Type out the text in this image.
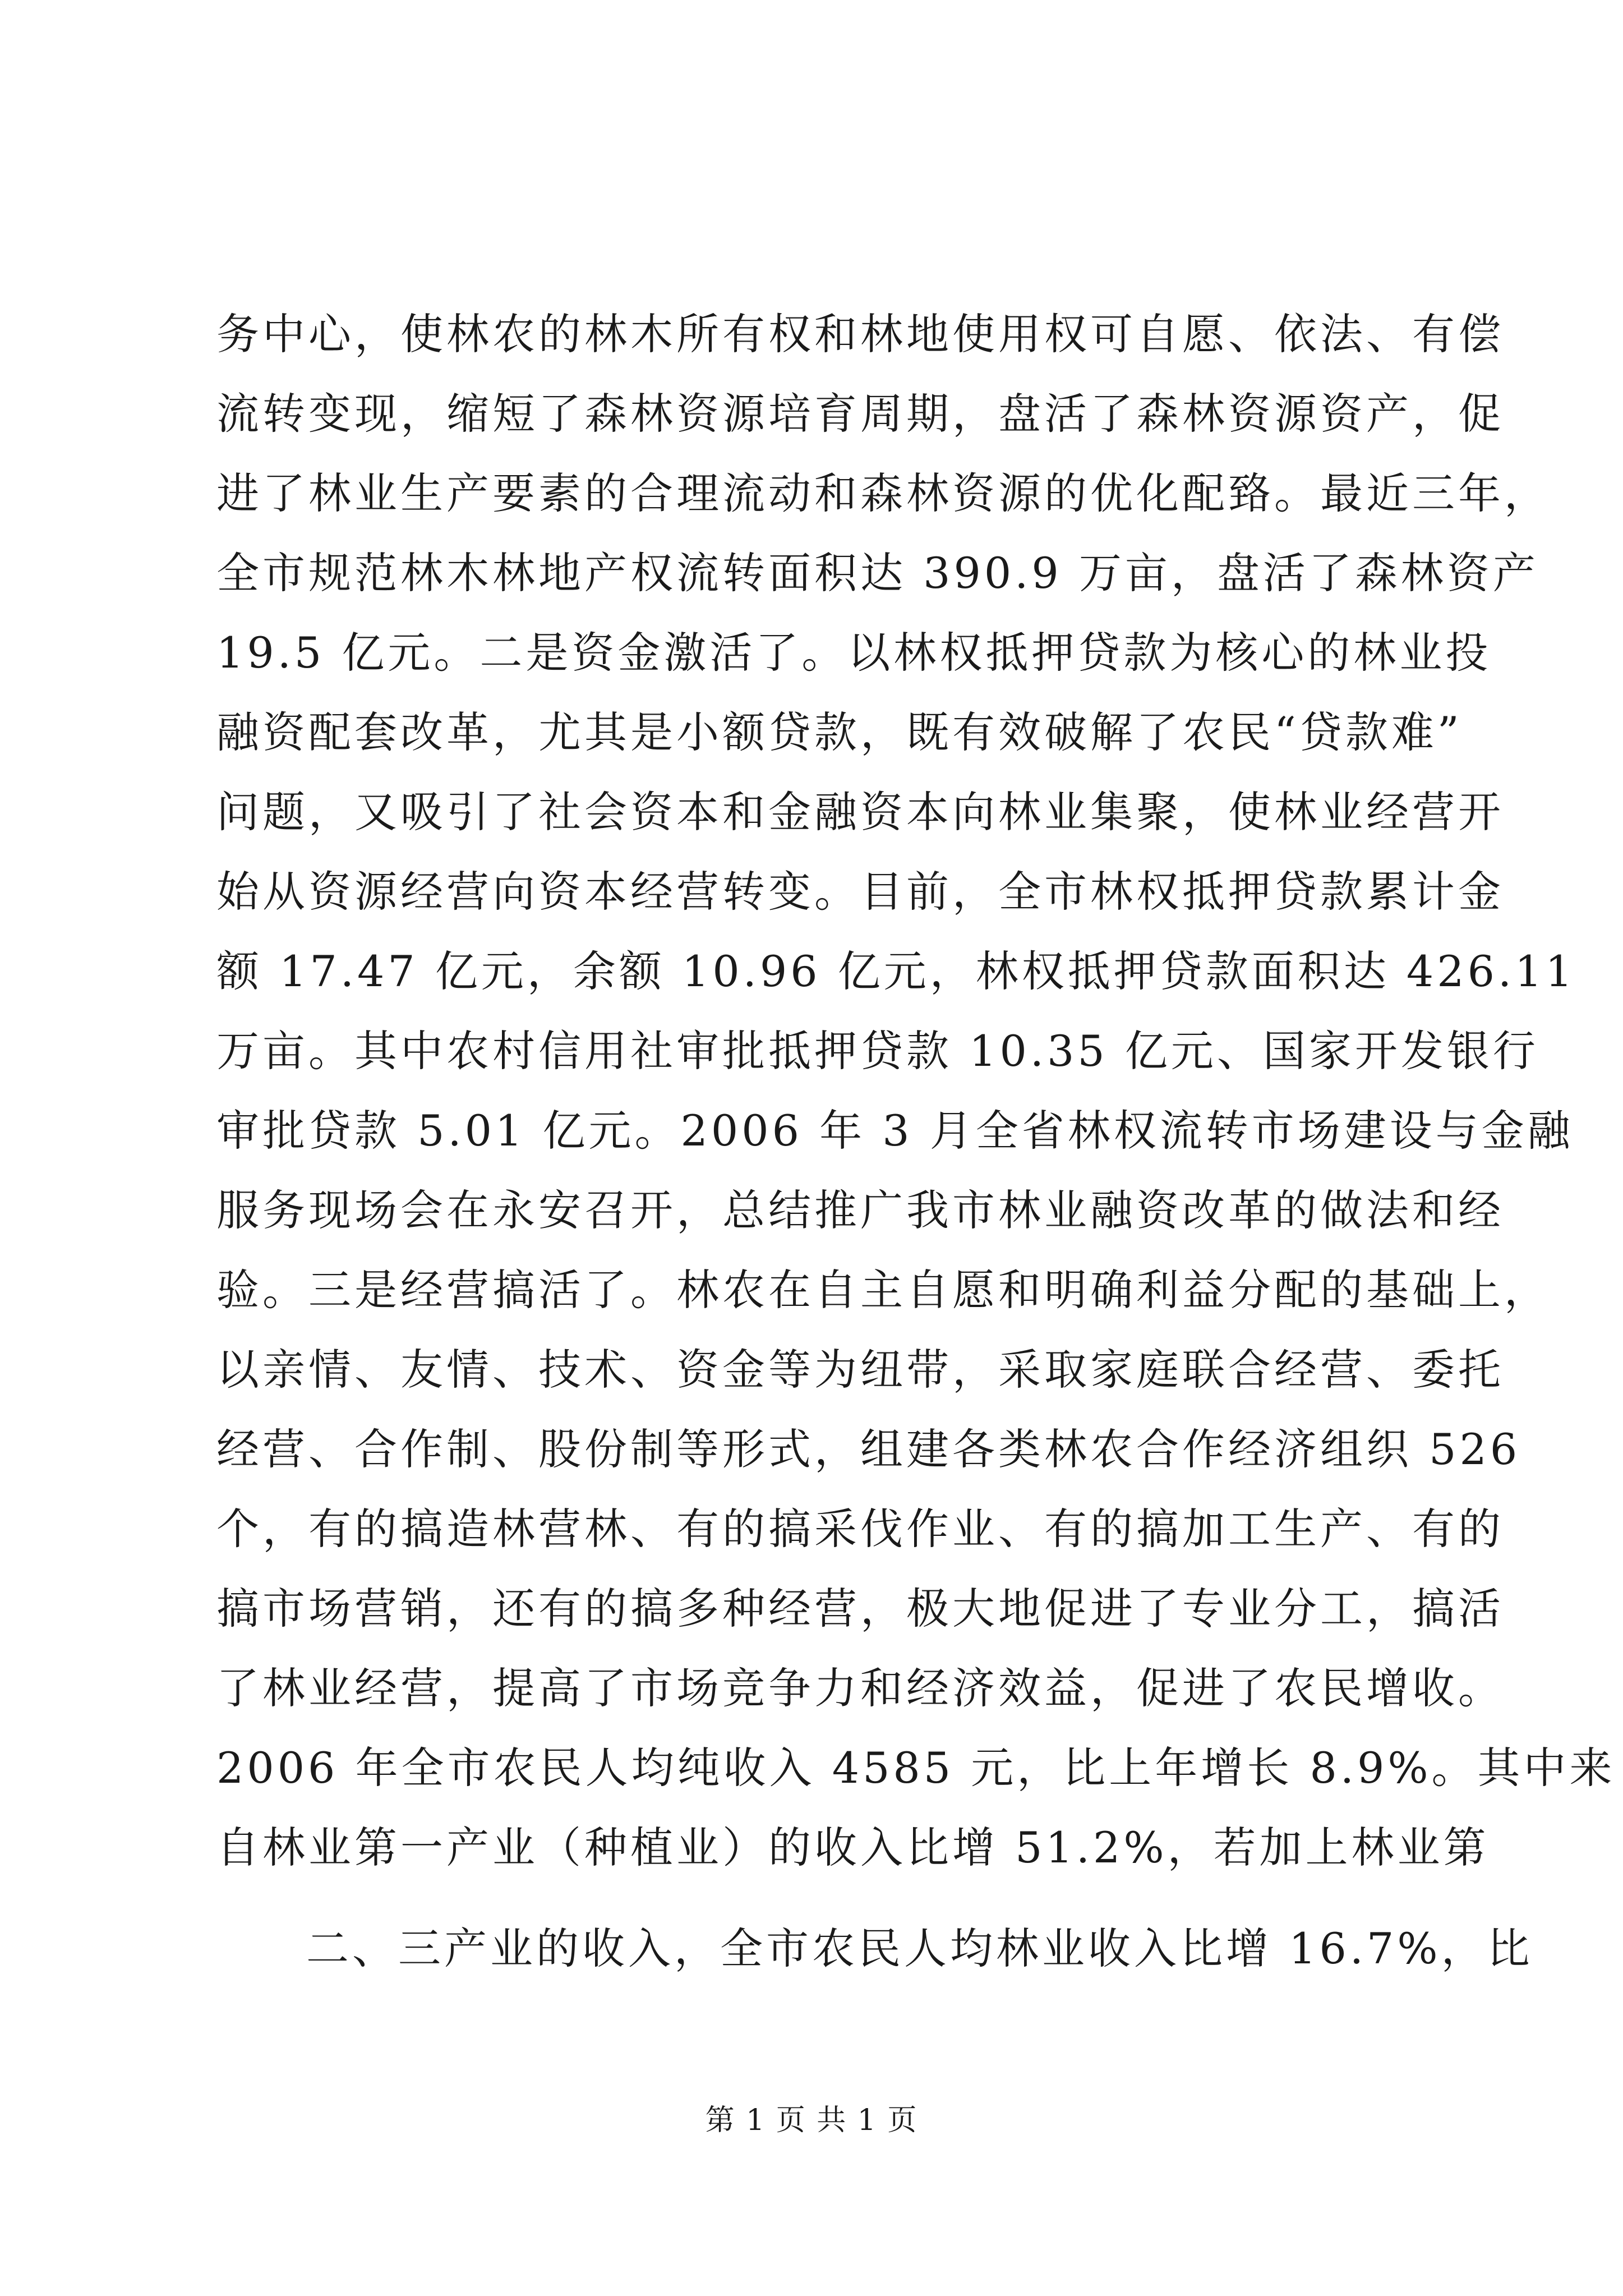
务中心，使林农的林木所有权和林地使用权可自愿、依法、有偿
流转变现，缩短了森林资源培育周期，盘活了森林资源资产，促
进了林业生产要素的合理流动和森林资源的优化配臵。最近三年，
全市规范林木林地产权流转面积达 390.9 万亩，盘活了森林资产
19.5 亿元。二是资金激活了。以林权抵押贷款为核心的林业投
融资配套改革，尤其是小额贷款，既有效破解了农民“贷款难”
问题，又吸引了社会资本和金融资本向林业集聚，使林业经营开
始从资源经营向资本经营转变。目前，全市林权抵押贷款累计金
额 17.47 亿元，余额 10.96 亿元，林权抵押贷款面积达 426.11
万亩。其中农村信用社审批抵押贷款 10.35 亿元、国家开发银行
审批贷款 5.01 亿元。2006 年 3 月全省林权流转市场建设与金融
服务现场会在永安召开，总结推广我市林业融资改革的做法和经
验。三是经营搞活了。林农在自主自愿和明确利益分配的基础上，
以亲情、友情、技术、资金等为纽带，采取家庭联合经营、委托
经营、合作制、股份制等形式，组建各类林农合作经济组织 526
个，有的搞造林营林、有的搞采伐作业、有的搞加工生产、有的
搞市场营销，还有的搞多种经营，极大地促进了专业分工，搞活
了林业经营，提高了市场竞争力和经济效益，促进了农民增收。
2006 年全市农民人均纯收入 4585 元，比上年增长 8.9%。其中来
自林业第一产业（种植业）的收入比增 51.2%，若加上林业第
二、三产业的收入，全市农民人均林业收入比增 16.7%，比
第 1 页 共 1 页
